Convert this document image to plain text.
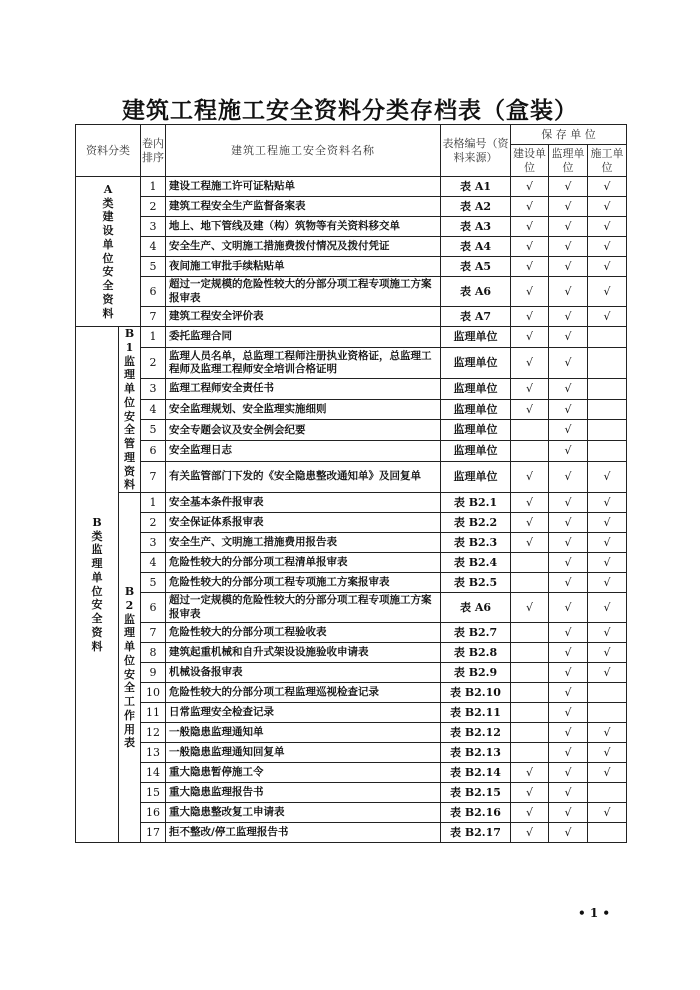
建筑工程施工安全资料分类存档表（盒装）
资料分类		卷内排序	建筑工程施工安全资料名称	表格编号（资料来源）	保 存 单 位		
					建设单位	监理单位	施工单位
A类建设单位安全资料		1	建设工程施工许可证粘贴单	表 A1	√	√	√
		2	建筑工程安全生产监督备案表	表 A2	√	√	√
		3	地上、地下管线及建（构）筑物等有关资料移交单	表 A3	√	√	√
		4	安全生产、文明施工措施费拨付情况及拨付凭证	表 A4	√	√	√
		5	夜间施工审批手续粘贴单	表 A5	√	√	√
		6	超过一定规模的危险性较大的分部分项工程专项施工方案报审表	表 A6	√	√	√
		7	建筑工程安全评价表	表 A7	√	√	√
B类监理单位安全资料	B1监理单位安全管理资料	1	委托监理合同	监理单位	√	√	
		2	监理人员名单，总监理工程师注册执业资格证，总监理工程师及监理工程师安全培训合格证明	监理单位	√	√	
		3	监理工程师安全责任书	监理单位	√	√	
		4	安全监理规划、安全监理实施细则	监理单位	√	√	
		5	安全专题会议及安全例会纪要	监理单位		√	
		6	安全监理日志	监理单位		√	
		7	有关监管部门下发的《安全隐患整改通知单》及回复单	监理单位	√	√	√
	B2监理单位安全工作用表	1	安全基本条件报审表	表 B2.1	√	√	√
		2	安全保证体系报审表	表 B2.2	√	√	√
		3	安全生产、文明施工措施费用报告表	表 B2.3	√	√	√
		4	危险性较大的分部分项工程清单报审表	表 B2.4		√	√
		5	危险性较大的分部分项工程专项施工方案报审表	表 B2.5		√	√
		6	超过一定规模的危险性较大的分部分项工程专项施工方案报审表	表 A6	√	√	√
		7	危险性较大的分部分项工程验收表	表 B2.7		√	√
		8	建筑起重机械和自升式架设设施验收申请表	表 B2.8		√	√
		9	机械设备报审表	表 B2.9		√	√
		10	危险性较大的分部分项工程监理巡视检查记录	表 B2.10		√	
		11	日常监理安全检查记录	表 B2.11		√	
		12	一般隐患监理通知单	表 B2.12		√	√
		13	一般隐患监理通知回复单	表 B2.13		√	√
		14	重大隐患暂停施工令	表 B2.14	√	√	√
		15	重大隐患监理报告书	表 B2.15	√	√	
		16	重大隐患整改复工申请表	表 B2.16	√	√	√
		17	拒不整改/停工监理报告书	表 B2.17	√	√	
• 1 •
